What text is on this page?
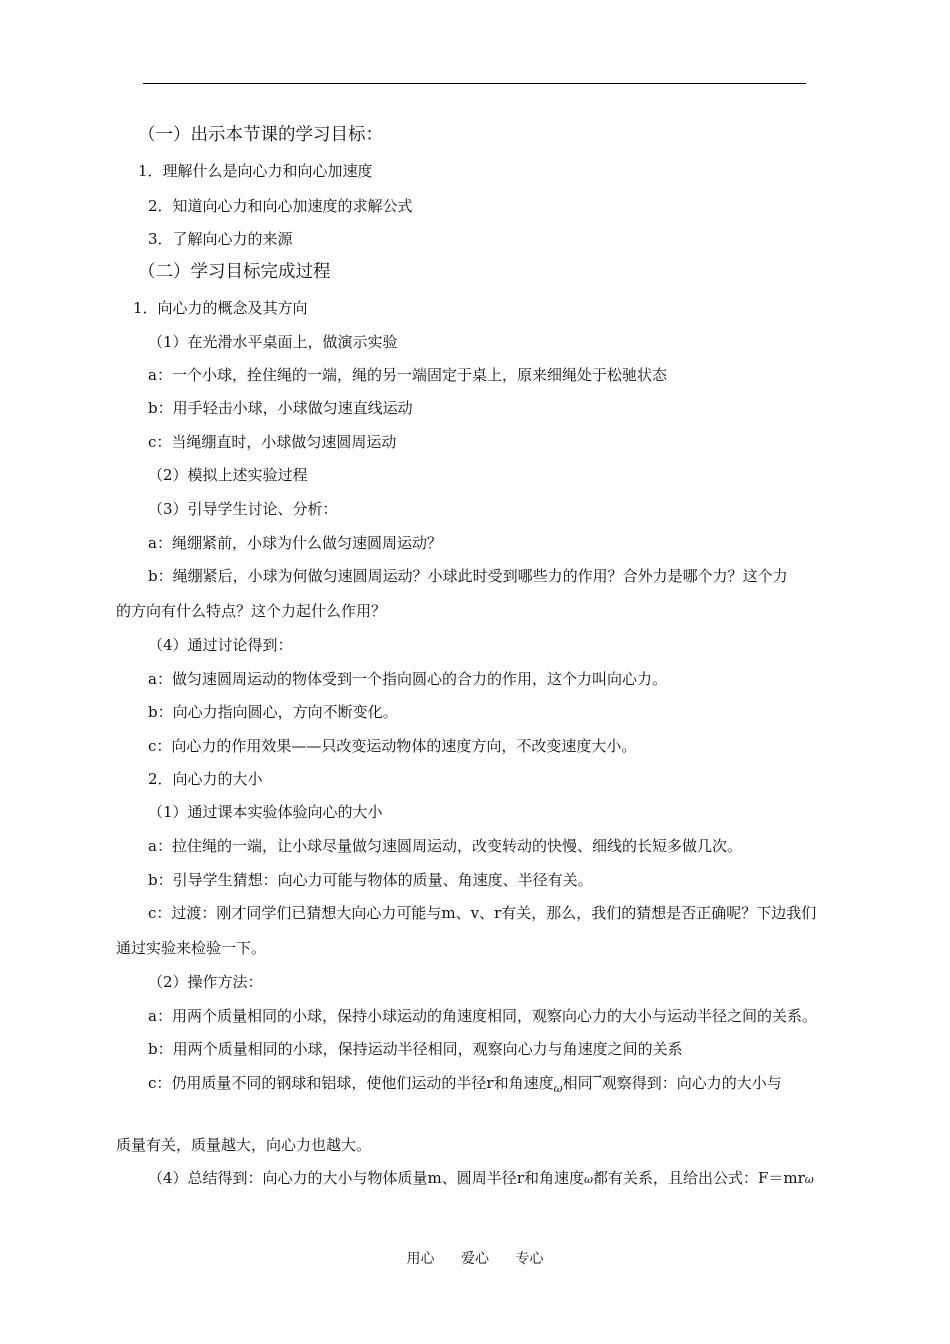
（一）出示本节课的学习目标：
1．理解什么是向心力和向心加速度
2．知道向心力和向心加速度的求解公式
3．了解向心力的来源
（二）学习目标完成过程
1．向心力的概念及其方向
（1）在光滑水平桌面上，做演示实验
a：一个小球，拴住绳的一端，绳的另一端固定于桌上，原来细绳处于松驰状态
b：用手轻击小球，小球做匀速直线运动
c：当绳绷直时，小球做匀速圆周运动
（2）模拟上述实验过程
（3）引导学生讨论、分析：
a：绳绷紧前，小球为什么做匀速圆周运动？
b：绳绷紧后，小球为何做匀速圆周运动？小球此时受到哪些力的作用？合外力是哪个力？这个力
的方向有什么特点？这个力起什么作用？
（4）通过讨论得到：
a：做匀速圆周运动的物体受到一个指向圆心的合力的作用，这个力叫向心力。
b：向心力指向圆心，方向不断变化。
c：向心力的作用效果——只改变运动物体的速度方向，不改变速度大小。
2．向心力的大小
（1）通过课本实验体验向心的大小
a：拉住绳的一端，让小球尽量做匀速圆周运动，改变转动的快慢、细线的长短多做几次。
b：引导学生猜想：向心力可能与物体的质量、角速度、半径有关。
c：过渡：刚才同学们已猜想大向心力可能与m、v、r有关，那么，我们的猜想是否正确呢？下边我们
通过实验来检验一下。
（2）操作方法：
a：用两个质量相同的小球，保持小球运动的角速度相同，观察向心力的大小与运动半径之间的关系。
b：用两个质量相同的小球，保持运动半径相同，观察向心力与角速度之间的关系
c：仍用质量不同的钢球和铝球，使他们运动的半径r和角速度$_\omega$相同→观察得到：向心力的大小与
质量有关，质量越大，向心力也越大。
（4）总结得到：向心力的大小与物体质量m、圆周半径r和角速度ω都有关系，且给出公式：F＝mrω
用心 爱心 专心
